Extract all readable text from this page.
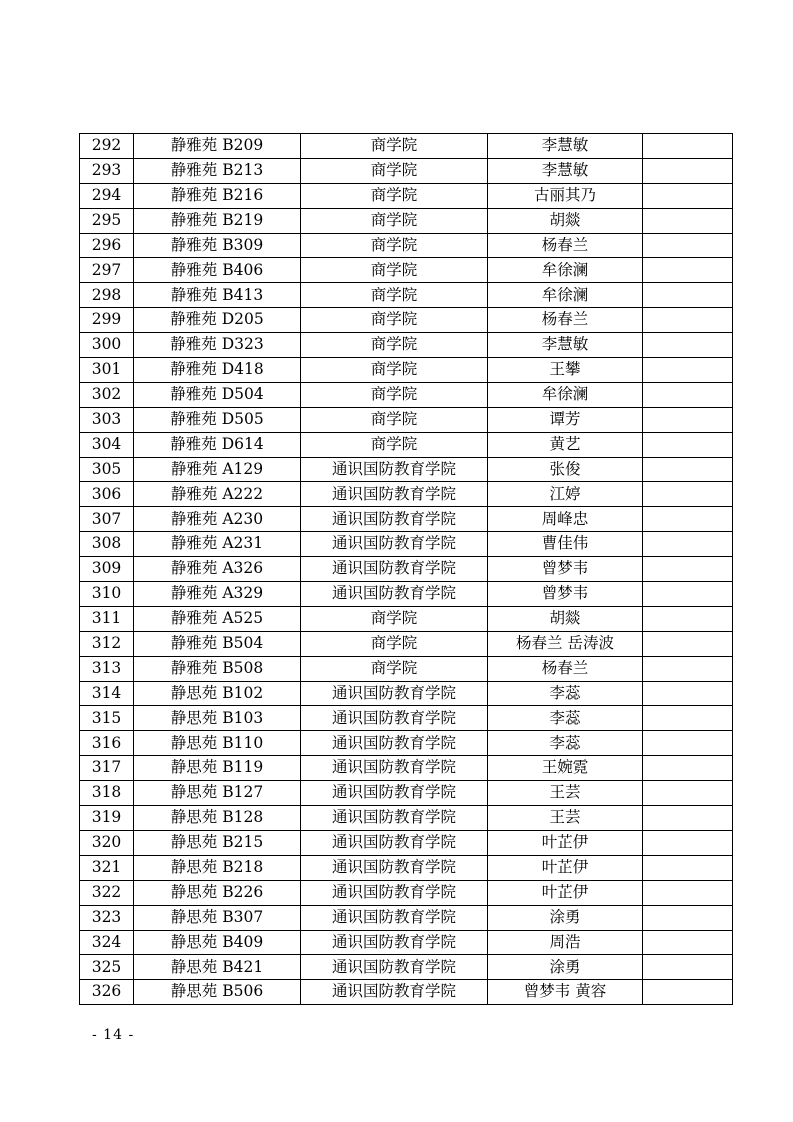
292	静雅苑 B209	商学院	李慧敏	
293	静雅苑 B213	商学院	李慧敏	
294	静雅苑 B216	商学院	古丽其乃	
295	静雅苑 B219	商学院	胡燚	
296	静雅苑 B309	商学院	杨春兰	
297	静雅苑 B406	商学院	牟徐澜	
298	静雅苑 B413	商学院	牟徐澜	
299	静雅苑 D205	商学院	杨春兰	
300	静雅苑 D323	商学院	李慧敏	
301	静雅苑 D418	商学院	王攀	
302	静雅苑 D504	商学院	牟徐澜	
303	静雅苑 D505	商学院	谭芳	
304	静雅苑 D614	商学院	黄艺	
305	静雅苑 A129	通识国防教育学院	张俊	
306	静雅苑 A222	通识国防教育学院	江婷	
307	静雅苑 A230	通识国防教育学院	周峰忠	
308	静雅苑 A231	通识国防教育学院	曹佳伟	
309	静雅苑 A326	通识国防教育学院	曾梦韦	
310	静雅苑 A329	通识国防教育学院	曾梦韦	
311	静雅苑 A525	商学院	胡燚	
312	静雅苑 B504	商学院	杨春兰 岳涛波	
313	静雅苑 B508	商学院	杨春兰	
314	静思苑 B102	通识国防教育学院	李蕊	
315	静思苑 B103	通识国防教育学院	李蕊	
316	静思苑 B110	通识国防教育学院	李蕊	
317	静思苑 B119	通识国防教育学院	王婉霓	
318	静思苑 B127	通识国防教育学院	王芸	
319	静思苑 B128	通识国防教育学院	王芸	
320	静思苑 B215	通识国防教育学院	叶芷伊	
321	静思苑 B218	通识国防教育学院	叶芷伊	
322	静思苑 B226	通识国防教育学院	叶芷伊	
323	静思苑 B307	通识国防教育学院	涂勇	
324	静思苑 B409	通识国防教育学院	周浩	
325	静思苑 B421	通识国防教育学院	涂勇	
326	静思苑 B506	通识国防教育学院	曾梦韦 黄容	
- 14 -
